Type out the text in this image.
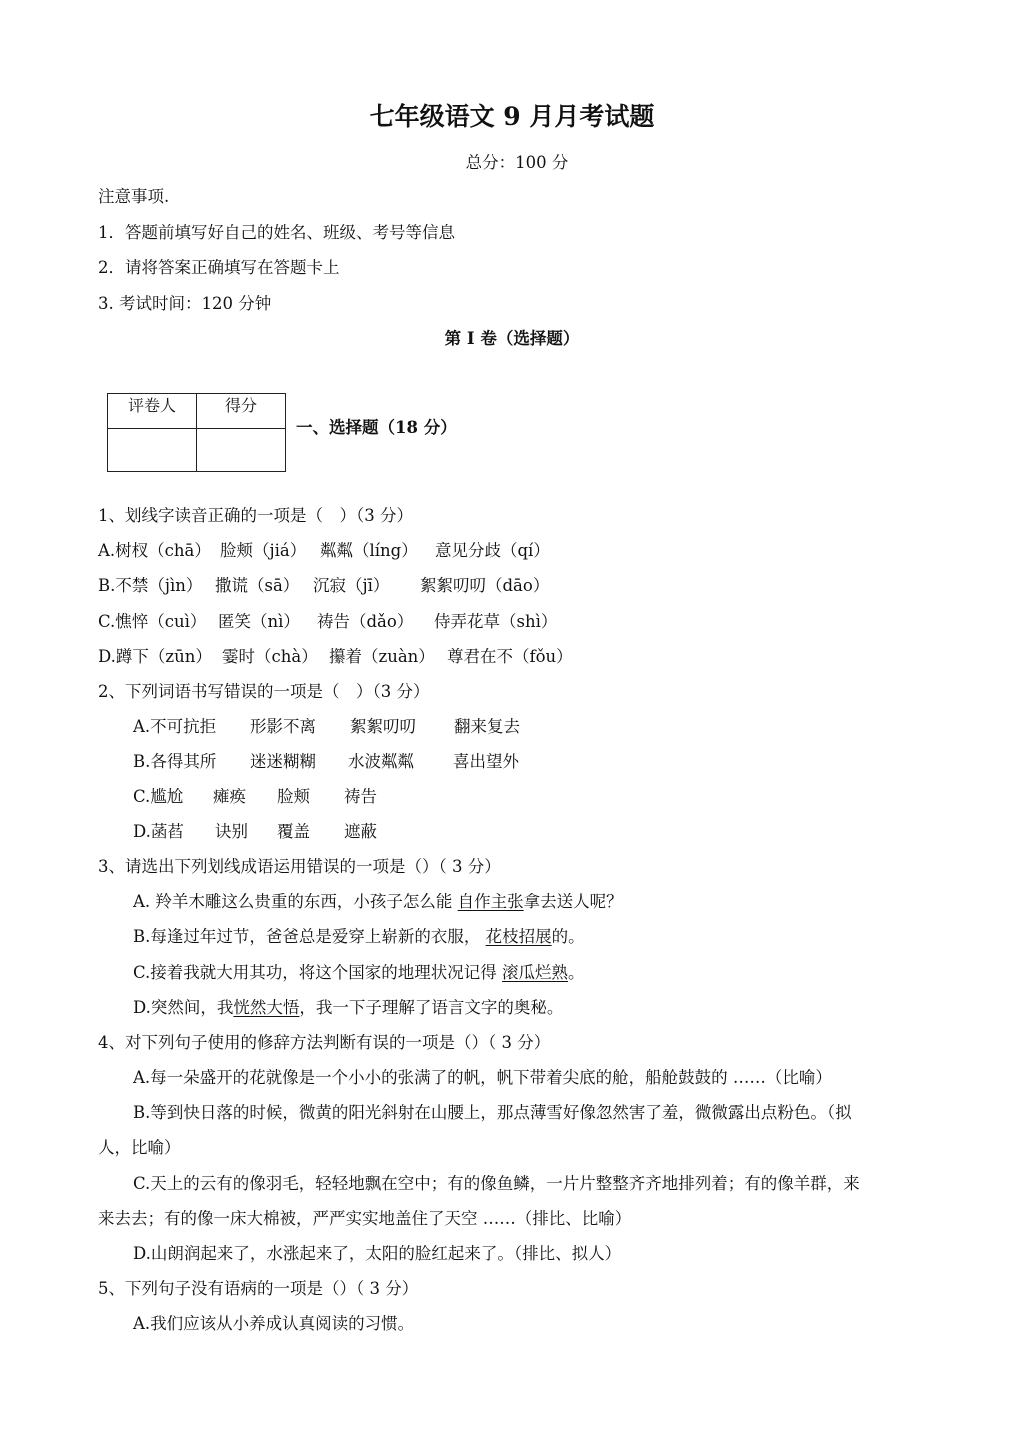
七年级语文 9 月月考试题
总分：100 分
注意事项.
1．答题前填写好自己的姓名、班级、考号等信息
2．请将答案正确填写在答题卡上
3. 考试时间：120 分钟
第 I 卷（选择题）
评卷人	得分

一、选择题（18 分）
1、划线字读音正确的一项是（　）（3 分）
A.树杈（chā） 脸颊（jiá） 粼粼（líng） 意见分歧（qí）
B.不禁（jìn） 撒谎（sā） 沉寂（jī） 絮絮叨叨（dāo）
C.憔悴（cuì） 匿笑（nì） 祷告（dǎo） 侍弄花草（shì）
D.蹲下（zūn） 霎时（chà） 攥着（zuàn） 尊君在不（fǒu）
2、下列词语书写错误的一项是（　）（3 分）
A.不可抗拒 形影不离 絮絮叨叨 翻来复去
B.各得其所 迷迷糊糊 水波粼粼 喜出望外
C.尴尬 瘫痪 脸颊 祷告
D.菡萏 诀别 覆盖 遮蔽
3、请选出下列划线成语运用错误的一项是（）（ 3 分）
A. 羚羊木雕这么贵重的东西，小孩子怎么能 自作主张拿去送人呢？
B.每逢过年过节，爸爸总是爱穿上崭新的衣服， 花枝招展的。
C.接着我就大用其功，将这个国家的地理状况记得 滚瓜烂熟。
D.突然间，我恍然大悟，我一下子理解了语言文字的奥秘。
4、对下列句子使用的修辞方法判断有误的一项是（）（ 3 分）
A.每一朵盛开的花就像是一个小小的张满了的帆，帆下带着尖底的舱，船舱鼓鼓的 ……（比喻）
B.等到快日落的时候，微黄的阳光斜射在山腰上，那点薄雪好像忽然害了羞，微微露出点粉色。（拟
人，比喻）
C.天上的云有的像羽毛，轻轻地飘在空中；有的像鱼鳞，一片片整整齐齐地排列着；有的像羊群，来
来去去；有的像一床大棉被，严严实实地盖住了天空 ……（排比、比喻）
D.山朗润起来了，水涨起来了，太阳的脸红起来了。（排比、拟人）
5、下列句子没有语病的一项是（）（ 3 分）
A.我们应该从小养成认真阅读的习惯。
